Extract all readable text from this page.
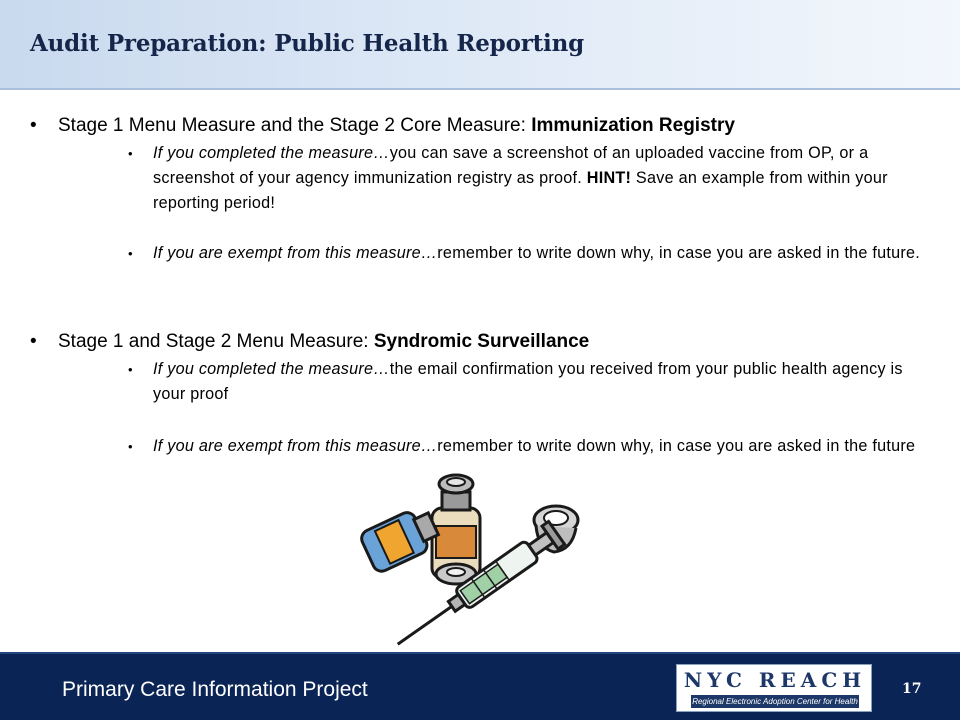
Audit Preparation: Public Health Reporting
• Stage 1 Menu Measure and the Stage 2 Core Measure: Immunization Registry
• If you completed the measure…you can save a screenshot of an uploaded vaccine from OP, or a screenshot of your agency immunization registry as proof. HINT! Save an example from within your reporting period!
• If you are exempt from this measure…remember to write down why, in case you are asked in the future.
• Stage 1 and Stage 2 Menu Measure: Syndromic Surveillance
• If you completed the measure…the email confirmation you received from your public health agency is your proof
• If you are exempt from this measure…remember to write down why, in case you are asked in the future
Primary Care Information Project	NYC REACH
Regional Electronic Adoption Center for Health
17
